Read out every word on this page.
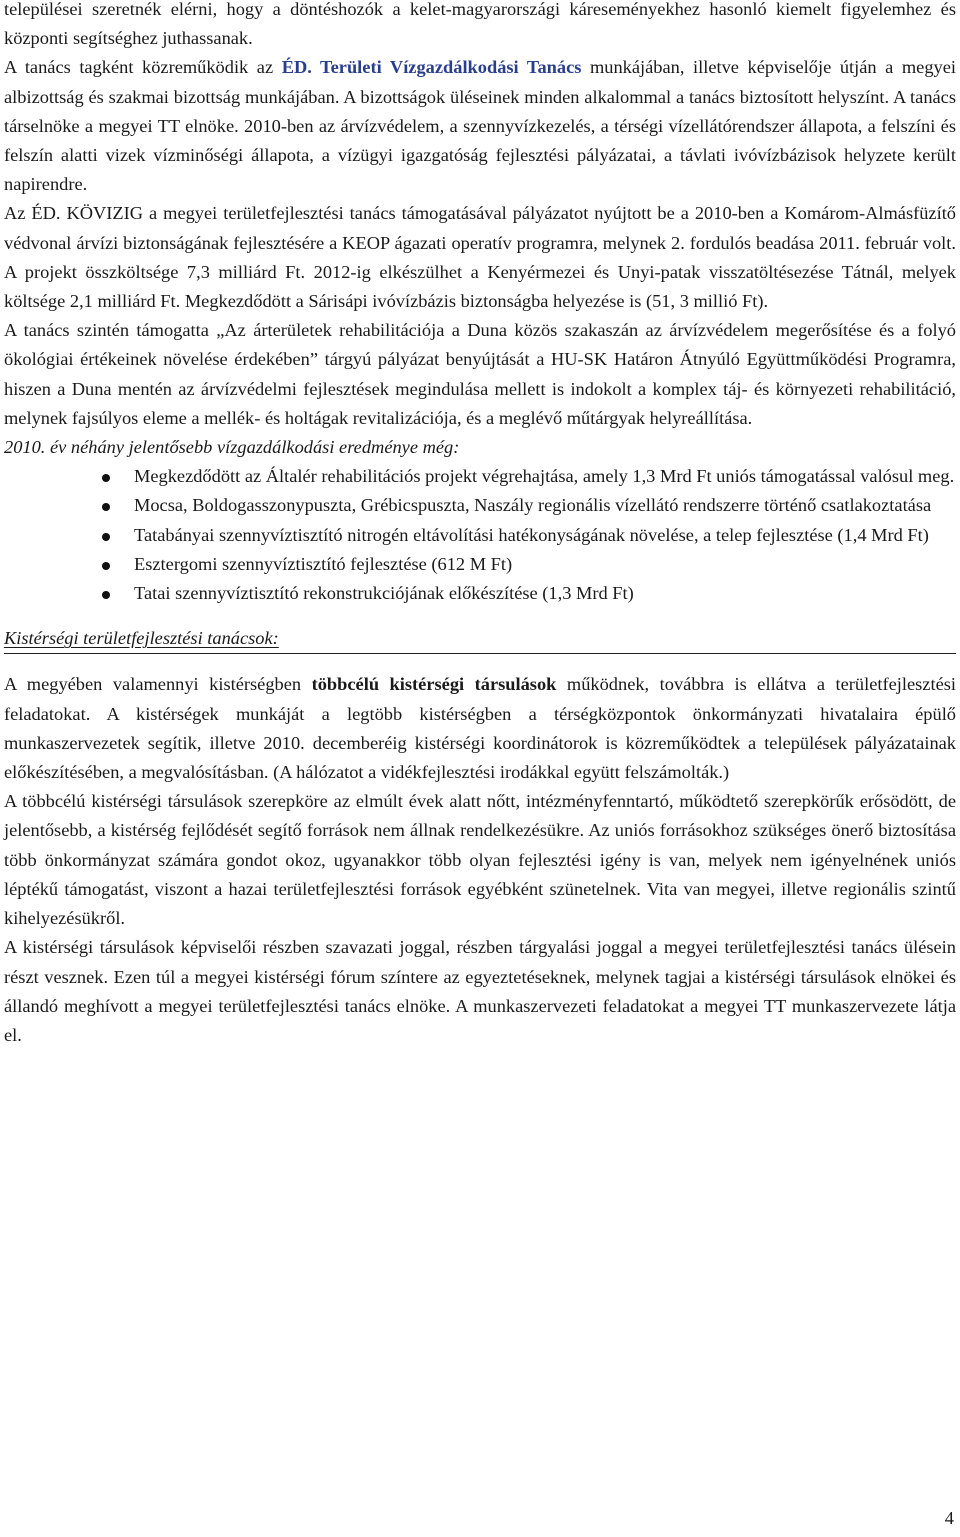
települései szeretnék elérni, hogy a döntéshozók a kelet-magyarországi káreseményekhez hasonló kiemelt figyelemhez és központi segítséghez juthassanak.

A tanács tagként közreműködik az ÉD. Területi Vízgazdálkodási Tanács munkájában, illetve képviselője útján a megyei albizottság és szakmai bizottság munkájában. A bizottságok üléseinek minden alkalommal a tanács biztosított helyszínt. A tanács társelnöke a megyei TT elnöke. 2010-ben az árvízvédelem, a szennyvízkezelés, a térségi vízellátórendszer állapota, a felszíni és felszín alatti vizek vízminőségi állapota, a vízügyi igazgatóság fejlesztési pályázatai, a távlati ivóvízbázisok helyzete került napirendre.

Az ÉD. KÖVIZIG a megyei területfejlesztési tanács támogatásával pályázatot nyújtott be a 2010-ben a Komárom-Almásfüzítő védvonal árvízi biztonságának fejlesztésére a KEOP ágazati operatív programra, melynek 2. fordulós beadása 2011. február volt. A projekt összköltsége 7,3 milliárd Ft. 2012-ig elkészülhet a Kenyérmezei és Unyi-patak visszatöltésezése Tátnál, melyek költsége 2,1 milliárd Ft. Megkezdődött a Sárisápi ivóvízbázis biztonságba helyezése is (51, 3 millió Ft).

A tanács szintén támogatta „Az árterületek rehabilitációja a Duna közös szakaszán az árvízvédelem megerősítése és a folyó ökológiai értékeinek növelése érdekében” tárgyú pályázat benyújtását a HU-SK Határon Átnyúló Együttműködési Programra, hiszen a Duna mentén az árvízvédelmi fejlesztések megindulása mellett is indokolt a komplex táj- és környezeti rehabilitáció, melynek fajsúlyos eleme a mellék- és holtágak revitalizációja, és a meglévő műtárgyak helyreállítása.

2010. év néhány jelentősebb vízgazdálkodási eredménye még:

Megkezdődött az Általér rehabilitációs projekt végrehajtása, amely 1,3 Mrd Ft uniós támogatással valósul meg.
Mocsa, Boldogasszonypuszta, Grébicspuszta, Naszály regionális vízellátó rendszerre történő csatlakoztatása
Tatabányai szennyvíztisztító nitrogén eltávolítási hatékonyságának növelése, a telep fejlesztése (1,4 Mrd Ft)
Esztergomi szennyvíztisztító fejlesztése (612 M Ft)
Tatai szennyvíztisztító rekonstrukciójának előkészítése (1,3 Mrd Ft)

Kistérségi területfejlesztési tanácsok:

A megyében valamennyi kistérségben többcélú kistérségi társulások működnek, továbbra is ellátva a területfejlesztési feladatokat. A kistérségek munkáját a legtöbb kistérségben a térségközpontok önkormányzati hivatalaira épülő munkaszervezetek segítik, illetve 2010. decemberéig kistérségi koordinátorok is közreműködtek a települések pályázatainak előkészítésében, a megvalósításban. (A hálózatot a vidékfejlesztési irodákkal együtt felszámolták.)

A többcélú kistérségi társulások szerepköre az elmúlt évek alatt nőtt, intézményfenntartó, működtető szerepkörűk erősödött, de jelentősebb, a kistérség fejlődését segítő források nem állnak rendelkezésükre. Az uniós forrásokhoz szükséges önerő biztosítása több önkormányzat számára gondot okoz, ugyanakkor több olyan fejlesztési igény is van, melyek nem igényelnének uniós léptékű támogatást, viszont a hazai területfejlesztési források egyébként szünetelnek. Vita van megyei, illetve regionális szintű kihelyezésükről.

A kistérségi társulások képviselői részben szavazati joggal, részben tárgyalási joggal a megyei területfejlesztési tanács ülésein részt vesznek. Ezen túl a megyei kistérségi fórum színtere az egyeztetéseknek, melynek tagjai a kistérségi társulások elnökei és állandó meghívott a megyei területfejlesztési tanács elnöke. A munkaszervezeti feladatokat a megyei TT munkaszervezete látja el.

4
